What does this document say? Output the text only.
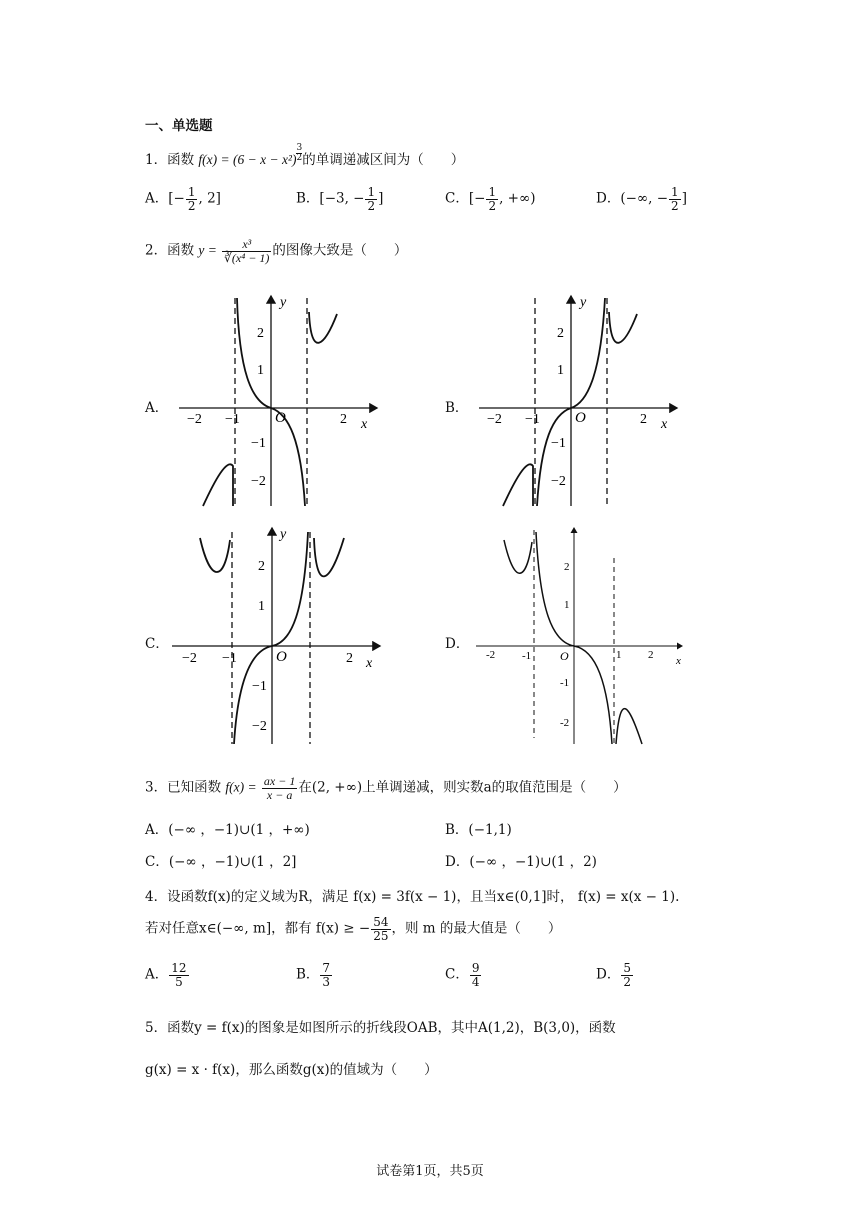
一、单选题
1．函数 f(x) = (6 − x − x²) $^{\frac{3}{2}}$ 的单调递减区间为（　　）
A．[− $\frac{1}{2}$ , 2]	B．[−3, − $\frac{1}{2}$ ]	C．[− $\frac{1}{2}$ , +∞)	D．(−∞, − $\frac{1}{2}$ ]
2．函数 $y = \frac{\text{x³}}{\text{∛(x⁴ − 1)}}$ 的图像大致是（　　）
A．	B．
C．	D．
−2 −1	2
2
1
−1
−2
O	x
y
−2 −1	2
2
1
−1
−2
O	x
y
−2 −1	2
2
1
−1
−2
O	x
y
-2 -1	1 2
2
1
-1
-2
O	x
3．已知函数 $f(x) = \frac{ax - 1}{x - a}$ 在(2, +∞)上单调递减，则实数a的取值范围是（　　）
A．(−∞ ，−1)∪(1 ，+∞)	B．(−1,1)
C．(−∞ ，−1)∪(1 ，2]	D．(−∞ ，−1)∪(1 ，2)
4．设函数f(x)的定义域为R，满足 f(x) = 3f(x − 1)，且当x∈(0,1]时， f(x) = x(x − 1).
若对任意x∈(−∞, m]，都有 f(x) ≥ − $\frac{54}{25}$ ，则 m 的最大值是（　　）
A． $\frac{12}{5}$	B． $\frac{7}{3}$	C． $\frac{9}{4}$	D． $\frac{5}{2}$
5．函数y = f(x)的图象是如图所示的折线段OAB，其中A(1,2)，B(3,0)，函数
g(x) = x · f(x)，那么函数g(x)的值域为（　　）
试卷第1页，共5页
